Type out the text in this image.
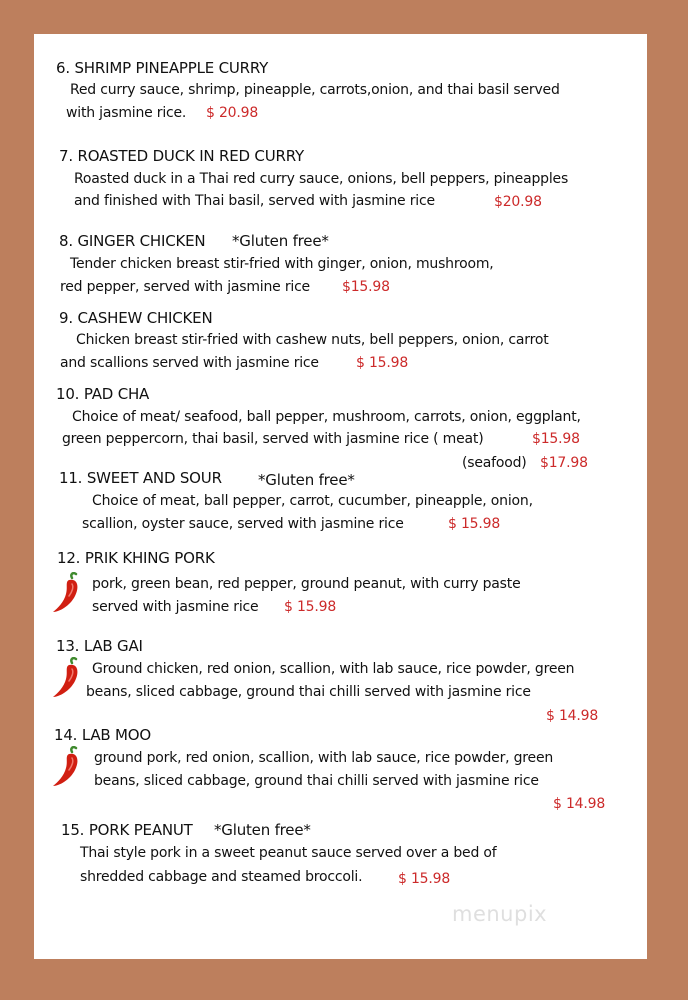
6. SHRIMP PINEAPPLE CURRY
Red curry sauce, shrimp, pineapple, carrots,onion, and thai basil served
with jasmine rice. $ 20.98
7. ROASTED DUCK IN RED CURRY
Roasted duck in a Thai red curry sauce, onions, bell peppers, pineapples
and finished with Thai basil, served with jasmine rice	$20.98
8. GINGER CHICKEN *Gluten free*
Tender chicken breast stir-fried with ginger, onion, mushroom,
red pepper, served with jasmine rice $15.98
9. CASHEW CHICKEN
Chicken breast stir-fried with cashew nuts, bell peppers, onion, carrot
and scallions served with jasmine rice	$ 15.98
10. PAD CHA
Choice of meat/ seafood, ball pepper, mushroom, carrots, onion, eggplant,
green peppercorn, thai basil, served with jasmine rice ( meat)	$15.98
(seafood) $17.98
11. SWEET AND SOUR *Gluten free*
Choice of meat, ball pepper, carrot, cucumber, pineapple, onion,
scallion, oyster sauce, served with jasmine rice	$ 15.98
12. PRIK KHING PORK
pork, green bean, red pepper, ground peanut, with curry paste
served with jasmine rice $ 15.98
13. LAB GAI
Ground chicken, red onion, scallion, with lab sauce, rice powder, green
beans, sliced cabbage, ground thai chilli served with jasmine rice
$ 14.98
14. LAB MOO
ground pork, red onion, scallion, with lab sauce, rice powder, green
beans, sliced cabbage, ground thai chilli served with jasmine rice
$ 14.98
15. PORK PEANUT *Gluten free*
Thai style pork in a sweet peanut sauce served over a bed of
shredded cabbage and steamed broccoli.	$ 15.98
menupix
